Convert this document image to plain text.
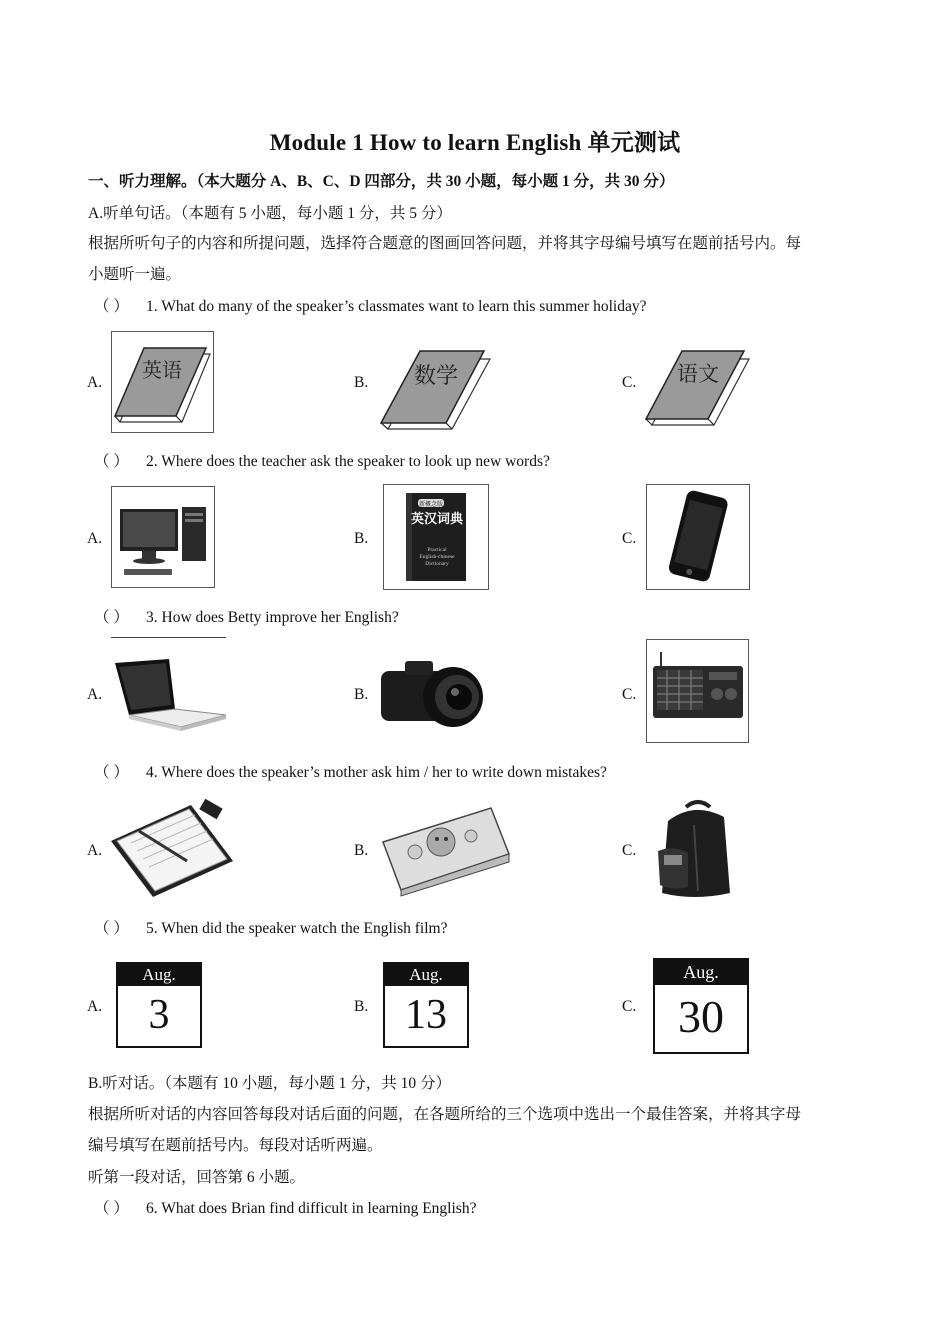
Module 1 How to learn English 单元测试
一、听力理解。（本大题分 A、B、C、D 四部分，共 30 小题，每小题 1 分，共 30 分）
A.听单句话。（本题有 5 小题，每小题 1 分，共 5 分）
根据所听句子的内容和所提问题，选择符合题意的图画回答问题，并将其字母编号填写在题前括号内。每
小题听一遍。
（ ） 1. What do many of the speaker’s classmates want to learn this summer holiday?
A.	B.	C.
英语	数学	语文
（ ） 2. Where does the teacher ask the speaker to look up new words?
A.	B.	C.
新概念版
英汉词典
Practical
English-chinese
Dictionary
（ ） 3. How does Betty improve her English?
A.	B.	C.
（ ） 4. Where does the speaker’s mother ask him / her to write down mistakes?
A.	B.	C.
（ ） 5. When did the speaker watch the English film?
A.	B.	C.
Aug.
3
Aug.
13
Aug.
30
B.听对话。（本题有 10 小题，每小题 1 分，共 10 分）
根据所听对话的内容回答每段对话后面的问题，在各题所给的三个选项中选出一个最佳答案，并将其字母
编号填写在题前括号内。每段对话听两遍。
听第一段对话，回答第 6 小题。
（ ） 6. What does Brian find difficult in learning English?
